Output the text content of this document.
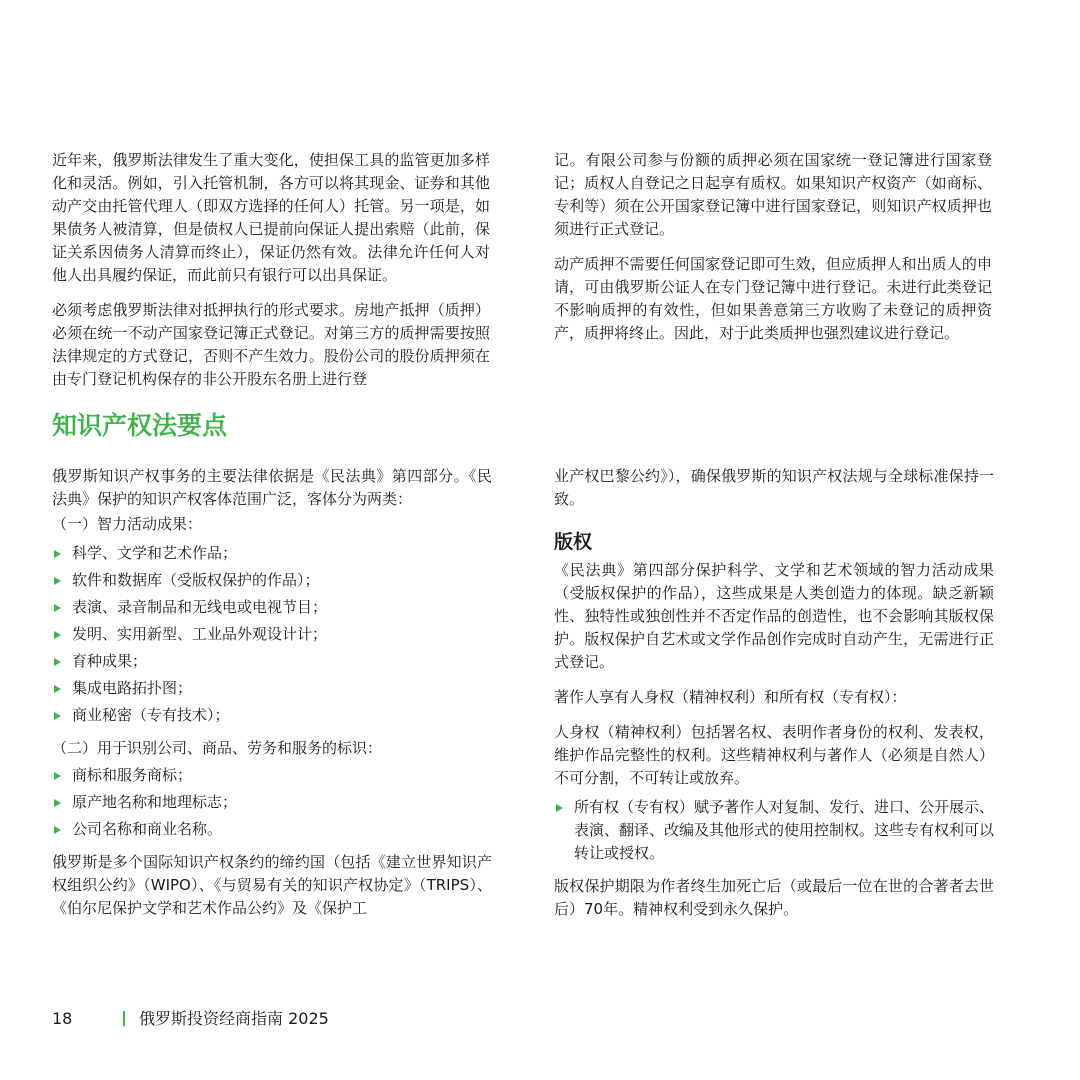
近年来，俄罗斯法律发生了重大变化，使担保工具的监管更加多样化和灵活。例如，引入托管机制，各方可以将其现金、证券和其他动产交由托管代理人（即双方选择的任何人）托管。另一项是，如果债务人被清算，但是债权人已提前向保证人提出索赔（此前，保证关系因债务人清算而终止），保证仍然有效。法律允许任何人对他人出具履约保证，而此前只有银行可以出具保证。

必须考虑俄罗斯法律对抵押执行的形式要求。房地产抵押（质押）必须在统一不动产国家登记簿正式登记。对第三方的质押需要按照法律规定的方式登记，否则不产生效力。股份公司的股份质押须在由专门登记机构保存的非公开股东名册上进行登

记。有限公司参与份额的质押必须在国家统一登记簿进行国家登记；质权人自登记之日起享有质权。如果知识产权资产（如商标、专利等）须在公开国家登记簿中进行国家登记，则知识产权质押也须进行正式登记。

动产质押不需要任何国家登记即可生效，但应质押人和出质人的申请，可由俄罗斯公证人在专门登记簿中进行登记。未进行此类登记不影响质押的有效性，但如果善意第三方收购了未登记的质押资产，质押将终止。因此，对于此类质押也强烈建议进行登记。

知识产权法要点

俄罗斯知识产权事务的主要法律依据是《民法典》第四部分。《民法典》保护的知识产权客体范围广泛，客体分为两类：

（一）智力活动成果：
科学、文学和艺术作品；
软件和数据库（受版权保护的作品）；
表演、录音制品和无线电或电视节目；
发明、实用新型、工业品外观设计计；
育种成果；
集成电路拓扑图；
商业秘密（专有技术）；
（二）用于识别公司、商品、劳务和服务的标识：
商标和服务商标；
原产地名称和地理标志；
公司名称和商业名称。

俄罗斯是多个国际知识产权条约的缔约国（包括《建立世界知识产权组织公约》（WIPO）、《与贸易有关的知识产权协定》（TRIPS）、《伯尔尼保护文学和艺术作品公约》及《保护工

业产权巴黎公约》），确保俄罗斯的知识产权法规与全球标准保持一致。

版权

《民法典》第四部分保护科学、文学和艺术领域的智力活动成果（受版权保护的作品），这些成果是人类创造力的体现。缺乏新颖性、独特性或独创性并不否定作品的创造性，也不会影响其版权保护。版权保护自艺术或文学作品创作完成时自动产生，无需进行正式登记。

著作人享有人身权（精神权利）和所有权（专有权）：

人身权（精神权利）包括署名权、表明作者身份的权利、发表权，维护作品完整性的权利。这些精神权利与著作人（必须是自然人）不可分割，不可转让或放弃。

所有权（专有权）赋予著作人对复制、发行、进口、公开展示、表演、翻译、改编及其他形式的使用控制权。这些专有权利可以转让或授权。

版权保护期限为作者终生加死亡后（或最后一位在世的合著者去世后）70年。精神权利受到永久保护。

18	俄罗斯投资经商指南 2025
